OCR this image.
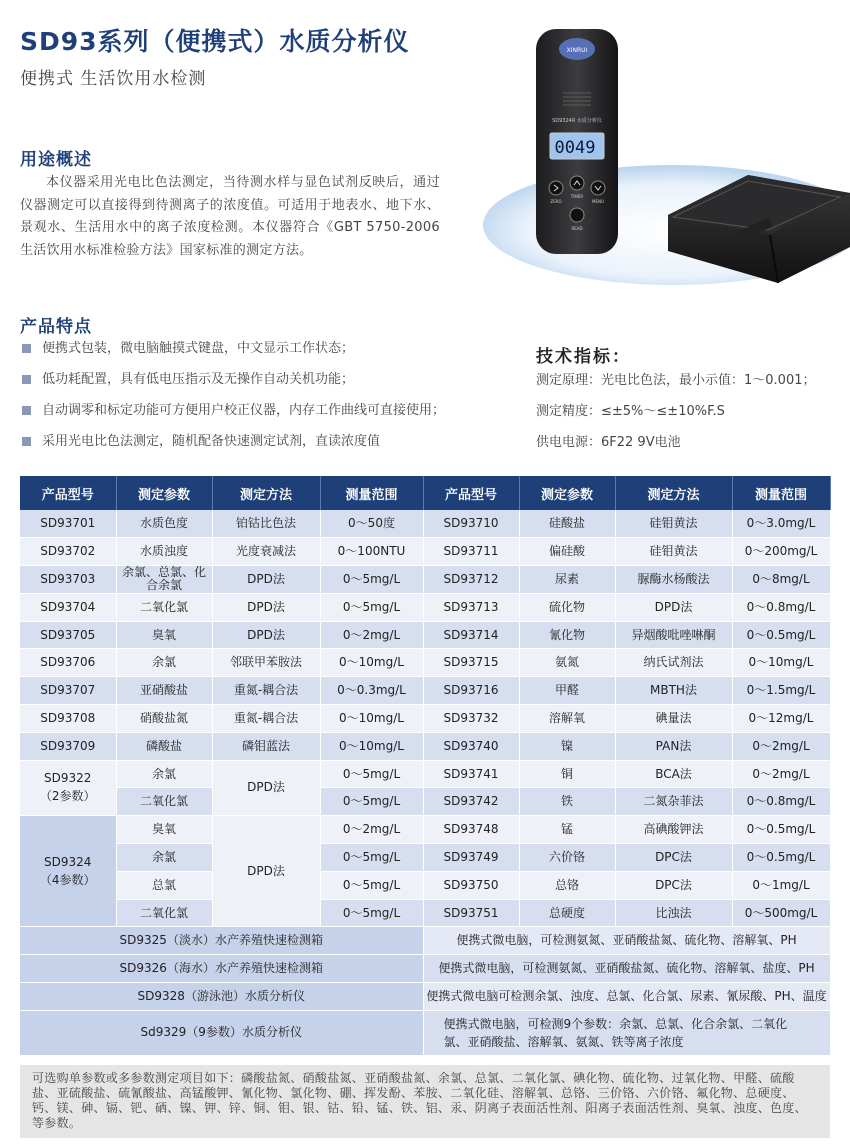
SD93系列（便携式）水质分析仪
便携式 生活饮用水检测
XINRUI
SD9324R 水质分析仪
0049
ZERO
TIMER
MENU
READ
用途概述

本仪器采用光电比色法测定，当待测水样与显色试剂反映后，通过仪器测定可以直接得到待测离子的浓度值。可适用于地表水、地下水、景观水、生活用水中的离子浓度检测。本仪器符合《GBT 5750-2006生活饮用水标准检验方法》国家标准的测定方法。

产品特点
便携式包装，微电脑触摸式键盘，中文显示工作状态；
低功耗配置，具有低电压指示及无操作自动关机功能；
自动调零和标定功能可方便用户校正仪器，内存工作曲线可直接使用；
采用光电比色法测定，随机配备快速测定试剂，直读浓度值
技术指标：
测定原理：光电比色法，最小示值：1～0.001；
测定精度：≤±5%～≤±10%F.S
供电电源：6F22 9V电池
产品型号	测定参数	测定方法	测量范围	产品型号	测定参数	测定方法	测量范围
SD93701	水质色度	铂钴比色法	0～50度	SD93710	硅酸盐	硅钼黄法	0～3.0mg/L
SD93702	水质浊度	光度衰减法	0～100NTU	SD93711	偏硅酸	硅钼黄法	0～200mg/L
SD93703	余氯、总氯、化合余氯	DPD法	0～5mg/L	SD93712	尿素	脲酶水杨酸法	0～8mg/L
SD93704	二氧化氯	DPD法	0～5mg/L	SD93713	硫化物	DPD法	0～0.8mg/L
SD93705	臭氧	DPD法	0～2mg/L	SD93714	氰化物	异烟酸吡唑啉酮	0～0.5mg/L
SD93706	余氯	邻联甲苯胺法	0～10mg/L	SD93715	氨氮	纳氏试剂法	0～10mg/L
SD93707	亚硝酸盐	重氮-耦合法	0～0.3mg/L	SD93716	甲醛	MBTH法	0～1.5mg/L
SD93708	硝酸盐氮	重氮-耦合法	0～10mg/L	SD93732	溶解氧	碘量法	0～12mg/L
SD93709	磷酸盐	磷钼蓝法	0～10mg/L	SD93740	镍	PAN法	0～2mg/L

SD9322
（2参数）	余氯	DPD法	0～5mg/L	SD93741	铜	BCA法	0～2mg/L
	二氧化氯		0～5mg/L	SD93742	铁	二氮杂菲法	0～0.8mg/L

SD9324
（4参数）	臭氧	DPD法	0～2mg/L	SD93748	锰	高碘酸钾法	0～0.5mg/L
	余氯		0～5mg/L	SD93749	六价铬	DPC法	0～0.5mg/L
	总氯		0～5mg/L	SD93750	总铬	DPC法	0～1mg/L
	二氧化氯		0～5mg/L	SD93751	总硬度	比浊法	0～500mg/L
SD9325（淡水）水产养殖快速检测箱				便携式微电脑，可检测氨氮、亚硝酸盐氮、硫化物、溶解氧、PH			
SD9326（海水）水产养殖快速检测箱				便携式微电脑，可检测氨氮、亚硝酸盐氮、硫化物、溶解氧、盐度、PH			
SD9328（游泳池）水质分析仪				便携式微电脑可检测余氯、浊度、总氯、化合氯、尿素、氰尿酸、PH、温度			
Sd9329（9参数）水质分析仪				便携式微电脑，可检测9个参数：余氯、总氯、化合余氯、二氧化氯、亚硝酸盐、溶解氧、氨氮、铁等离子浓度			
可选购单参数或多参数测定项目如下：磷酸盐氮、硝酸盐氮、亚硝酸盐氮、余氯、总氯、二氧化氯、碘化物、硫化物、过氧化物、甲醛、硫酸盐、亚硫酸盐、硫氰酸盐、高锰酸钾、氰化物、氯化物、硼、挥发酚、苯胺、二氧化硅、溶解氧、总铬、三价铬、六价铬、氟化物、总硬度、钙、镁、砷、镉、钯、硒、镍、钾、锌、铜、钼、银、钴、铅、锰、铁、铝、汞、阴离子表面活性剂、阳离子表面活性剂、臭氧、浊度、色度、等参数。
